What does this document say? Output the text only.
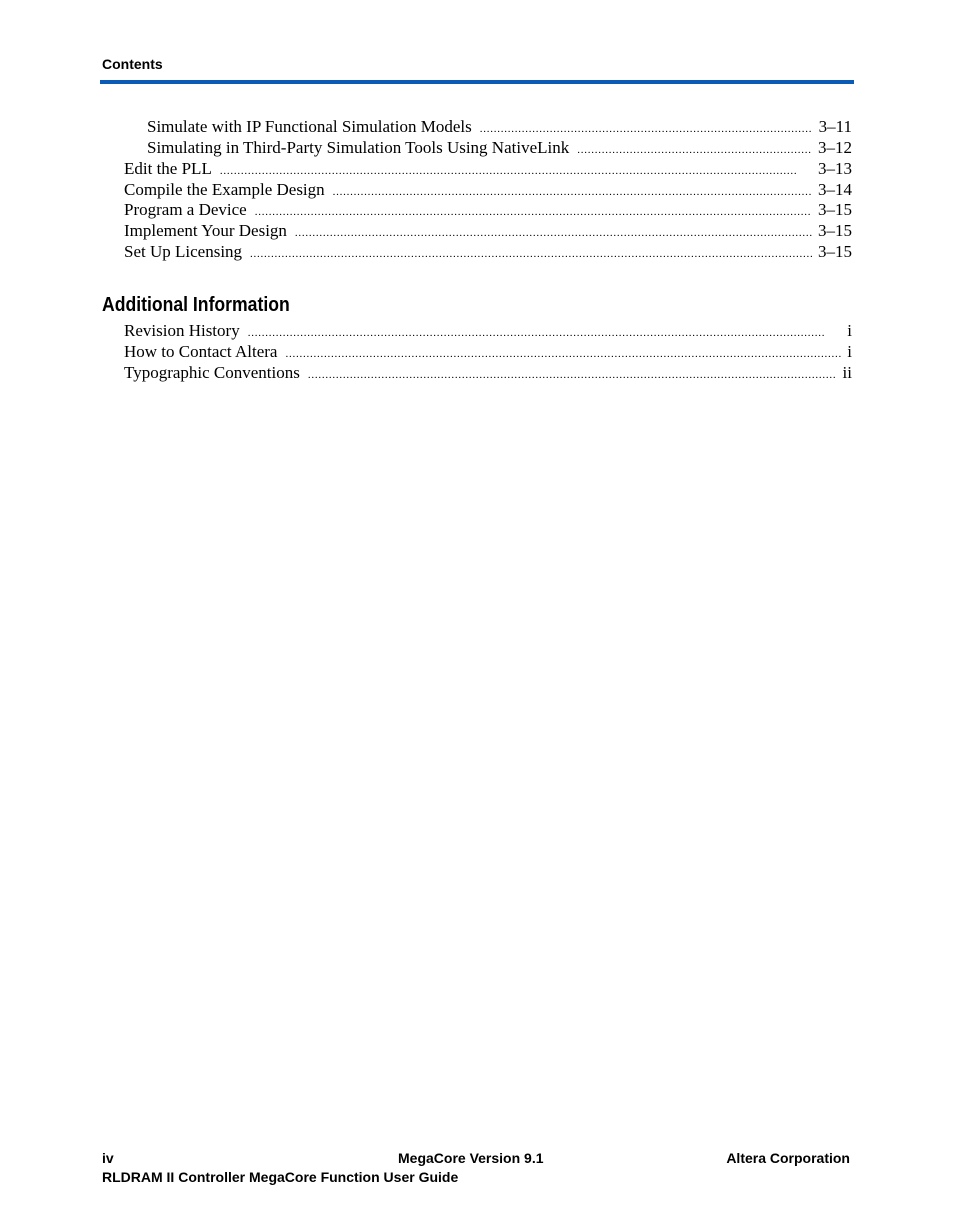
Contents
Simulate with IP Functional Simulation Models . . .	3–11
Simulating in Third-Party Simulation Tools Using NativeLink . . .	3–12
Edit the PLL . . .	3–13
Compile the Example Design . . .	3–14
Program a Device . . .	3–15
Implement Your Design . . .	3–15
Set Up Licensing . . .	3–15
Additional Information
Revision History . . .	i
How to Contact Altera . . .	i
Typographic Conventions . . .	ii
iv	MegaCore Version 9.1	Altera Corporation
RLDRAM II Controller MegaCore Function User Guide
